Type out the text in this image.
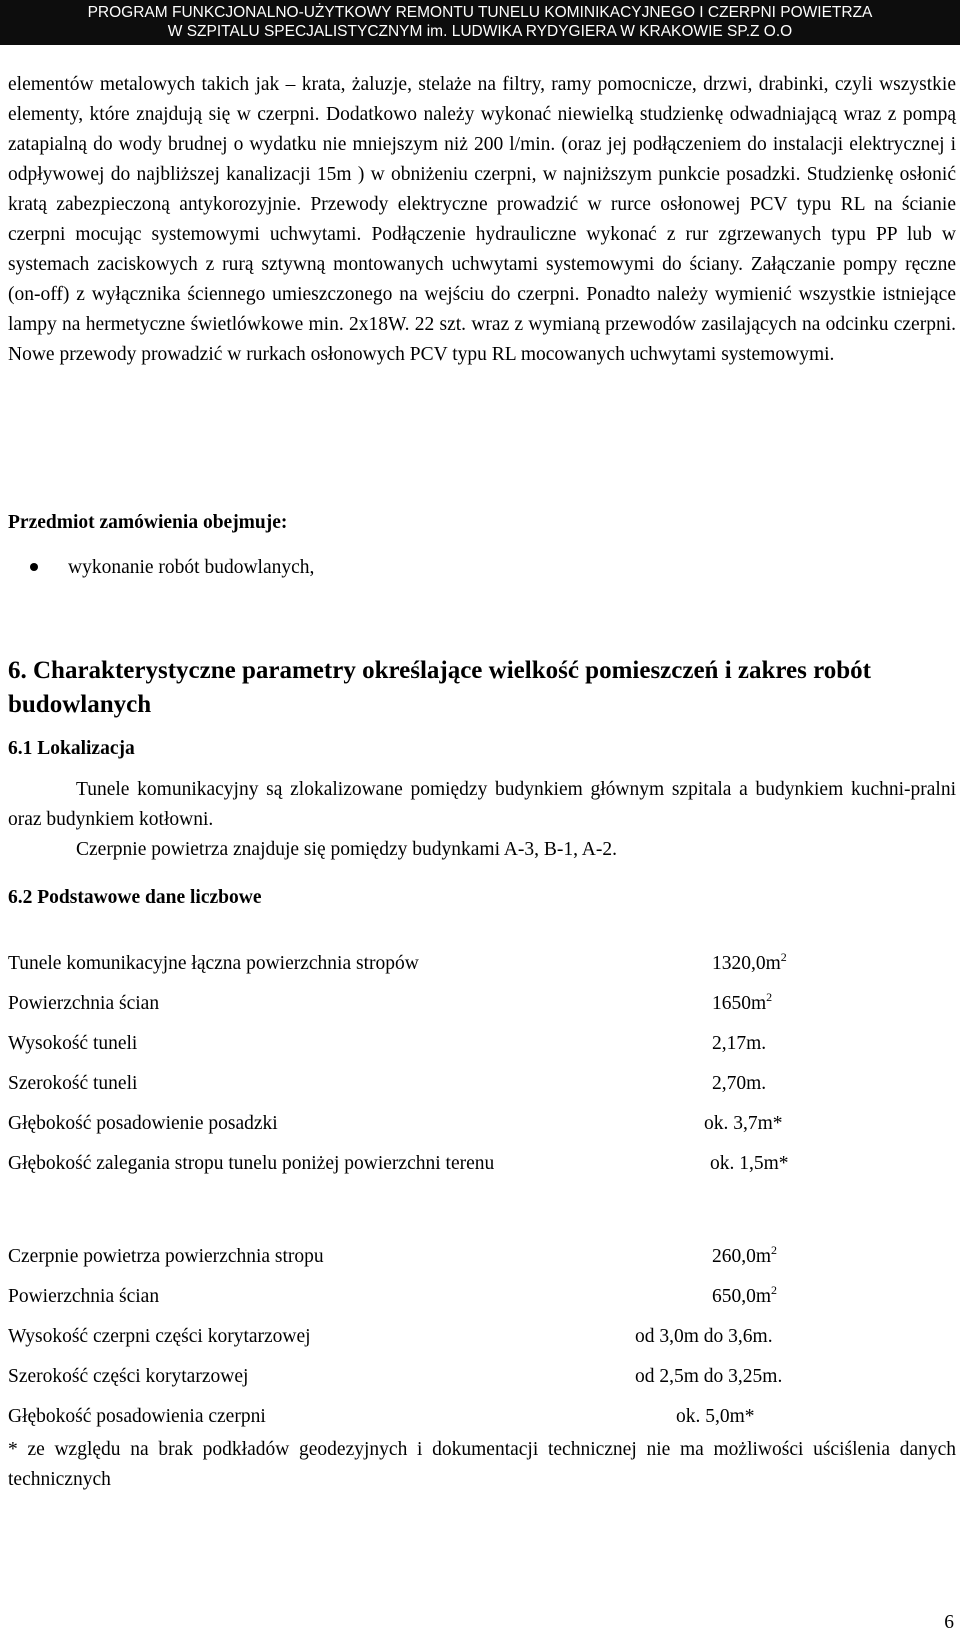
PROGRAM FUNKCJONALNO-UŻYTKOWY REMONTU TUNELU KOMINIKACYJNEGO I CZERPNI POWIETRZA
W SZPITALU SPECJALISTYCZNYM im. LUDWIKA RYDYGIERA W KRAKOWIE SP.Z O.O
elementów metalowych takich jak – krata, żaluzje, stelaże na filtry, ramy pomocnicze, drzwi, drabinki, czyli wszystkie elementy, które znajdują się w czerpni. Dodatkowo należy wykonać niewielką studzienkę odwadniającą wraz z pompą zatapialną do wody brudnej o wydatku nie mniejszym niż 200 l/min. (oraz jej podłączeniem do instalacji elektrycznej i odpływowej do najbliższej kanalizacji 15m ) w obniżeniu czerpni, w najniższym punkcie posadzki. Studzienkę osłonić kratą zabezpieczoną antykorozyjnie. Przewody elektryczne prowadzić w rurce osłonowej PCV typu RL na ścianie czerpni mocując systemowymi uchwytami. Podłączenie hydrauliczne wykonać z rur zgrzewanych typu PP lub w systemach zaciskowych z rurą sztywną montowanych uchwytami systemowymi do ściany. Załączanie pompy ręczne (on-off) z wyłącznika ściennego umieszczonego na wejściu do czerpni. Ponadto należy wymienić wszystkie istniejące lampy na hermetyczne świetlówkowe min. 2x18W. 22 szt. wraz z wymianą przewodów zasilających na odcinku czerpni. Nowe przewody prowadzić w rurkach osłonowych PCV typu RL mocowanych uchwytami systemowymi.
Przedmiot zamówienia obejmuje:
wykonanie robót budowlanych,
6. Charakterystyczne parametry określające wielkość pomieszczeń i zakres robót budowlanych
6.1 Lokalizacja
Tunele komunikacyjny są zlokalizowane pomiędzy budynkiem głównym szpitala a budynkiem kuchni-pralni oraz budynkiem kotłowni.
Czerpnie powietrza znajduje się pomiędzy budynkami A-3, B-1, A-2.
6.2 Podstawowe dane liczbowe
Tunele komunikacyjne łączna powierzchnia stropów	$1320,0m^2$
Powierzchnia ścian	$1650m^2$
Wysokość tuneli	2,17m.
Szerokość tuneli	2,70m.
Głębokość posadowienie posadzki	ok. 3,7m*
Głębokość zalegania stropu tunelu poniżej powierzchni terenu	ok. 1,5m*
Czerpnie powietrza powierzchnia stropu	$260,0m^2$
Powierzchnia ścian	$650,0m^2$
Wysokość czerpni części korytarzowej	od 3,0m do 3,6m.
Szerokość części korytarzowej	od 2,5m do 3,25m.
Głębokość posadowienia czerpni	ok. 5,0m*
* ze względu na brak podkładów geodezyjnych i dokumentacji technicznej nie ma możliwości uściślenia danych technicznych
6
